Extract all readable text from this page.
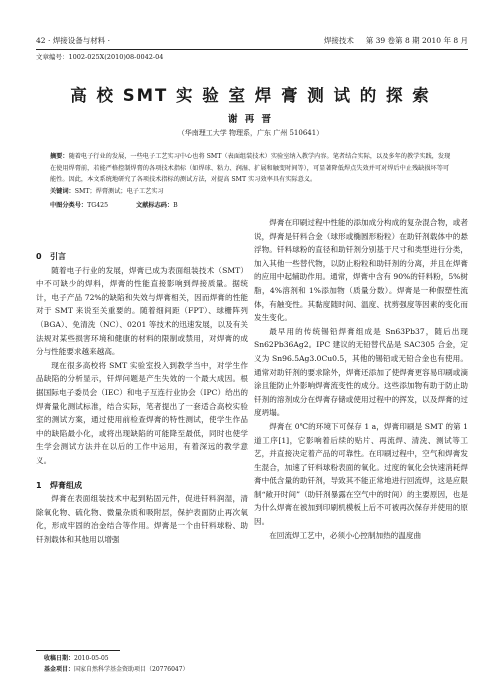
42 · 焊接设备与材料 ·	焊接技术 第 39 卷第 8 期 2010 年 8 月
文章编号：1002-025X(2010)08-0042-04
高 校 SMT 实 验 室 焊 膏 测 试 的 探 索
谢 再 晋
（华南理工大学 物理系，广东 广州 510641）
摘要：随着电子行业的发展，一些电子工艺实习中心也将 SMT（表面组装技术）实验室纳入教学内容。笔者结合实际，以及多年的教学实践，发现在使用焊膏前，若能严格控制焊膏的各项技术指标（如焊球、粘力、润湿、扩展和触变时间等），可显著降低焊点失效并可对焊后中止残缺损坏等可能性。因此，本文系统地研究了各项技术指标的测试方法，对提高 SMT 实习效率具有实际意义。
关键词：SMT；焊膏测试；电子工艺实习
中图分类号：TG425	文献标志码：B
0 引言

随着电子行业的发展，焊膏已成为表面组装技术（SMT）中不可缺少的焊料，焊膏的性能直接影响到焊接质量。据统计，电子产品 72%的缺陷和失效与焊膏相关，因而焊膏的性能对于 SMT 来说至关重要的。随着细间距（FPT）、球栅阵列（BGA）、免清洗（NC）、0201 等技术的迅速发展，以及有关法规对某些损害环境和健康的材料的限制或禁用，对焊膏的成分与性能要求越来越高。

现在很多高校将 SMT 实验室投入到教学当中，对学生作品缺陷的分析显示，钎焊问题是产生失效的一个最大成因。根据国际电子委员会（IEC）和电子互连行业协会（IPC）给出的焊膏量化测试标准，结合实际，笔者提出了一套适合高校实验室的测试方案，通过使用前检查焊膏的特性测试，使学生作品中的缺陷最小化，或将出现缺陷的可能降至最低，同时也使学生学会测试方法并在以后的工作中运用，有着深远的教学意义。

1 焊膏组成

焊膏在表面组装技术中起到粘固元件，促进钎料润湿，清除氧化物、硫化物、微量杂质和吸附层，保护表面防止再次氧化，形成牢固的冶金结合等作用。焊膏是一个由钎料球粉、助钎剂载体和其他用以增强

焊膏在印刷过程中性能的添加成分构成的复杂混合物，或者说，焊膏是钎料合金（球形或椭圆形粉粒）在助钎剂载体中的悬浮物。钎料球粉的直径和助钎剂分别基于尺寸和类型进行分类，加入其他一些替代物，以防止粉粒和助钎剂的分离，并且在焊膏的应用中起辅助作用。通常，焊膏中含有 90%的钎料粉，5%树脂，4%溶剂和 1%添加物（质量分数）。焊膏是一种假塑性流体，有触变性。其黏度随时间、温度、扰剪强度等因素的变化而发生变化。

最早用的传统锡铅焊膏组成是 Sn63Pb37，随后出现 Sn62Pb36Ag2。IPC 建议的无铅替代品是 SAC305 合金，定义为 Sn96.5Ag3.0Cu0.5，其他的锡铅或无铅合金也有使用。通常对助钎剂的要求除外，焊膏还添加了使焊膏更容易印刷或滴涂且能防止外影响焊膏流变性的成分。这些添加物有助于防止助钎剂的溶剂成分在焊膏存储或使用过程中的挥发，以及焊膏的过度坍塌。

焊膏在 0℃的环境下可保存 1 a，焊膏印刷是 SMT 的第 1 道工序[1]，它影响着后续的贴片、再流焊、清洗、测试等工艺，并直接决定着产品的可靠性。在印刷过程中，空气和焊膏发生混合，加速了钎料球粉表面的氧化。过度的氧化会快速消耗焊膏中低含量的助钎剂，导致其不能正常地进行回流焊，这是应限制“敞开时间”（助钎剂暴露在空气中的时间）的主要原因，也是为什么焊膏在被加到印刷机模板上后不可被再次保存并使用的原因。

在回流焊工艺中，必须小心控制加热的温度曲

收稿日期：2010-05-05
基金项目：国家自然科学基金资助项目（20776047）
